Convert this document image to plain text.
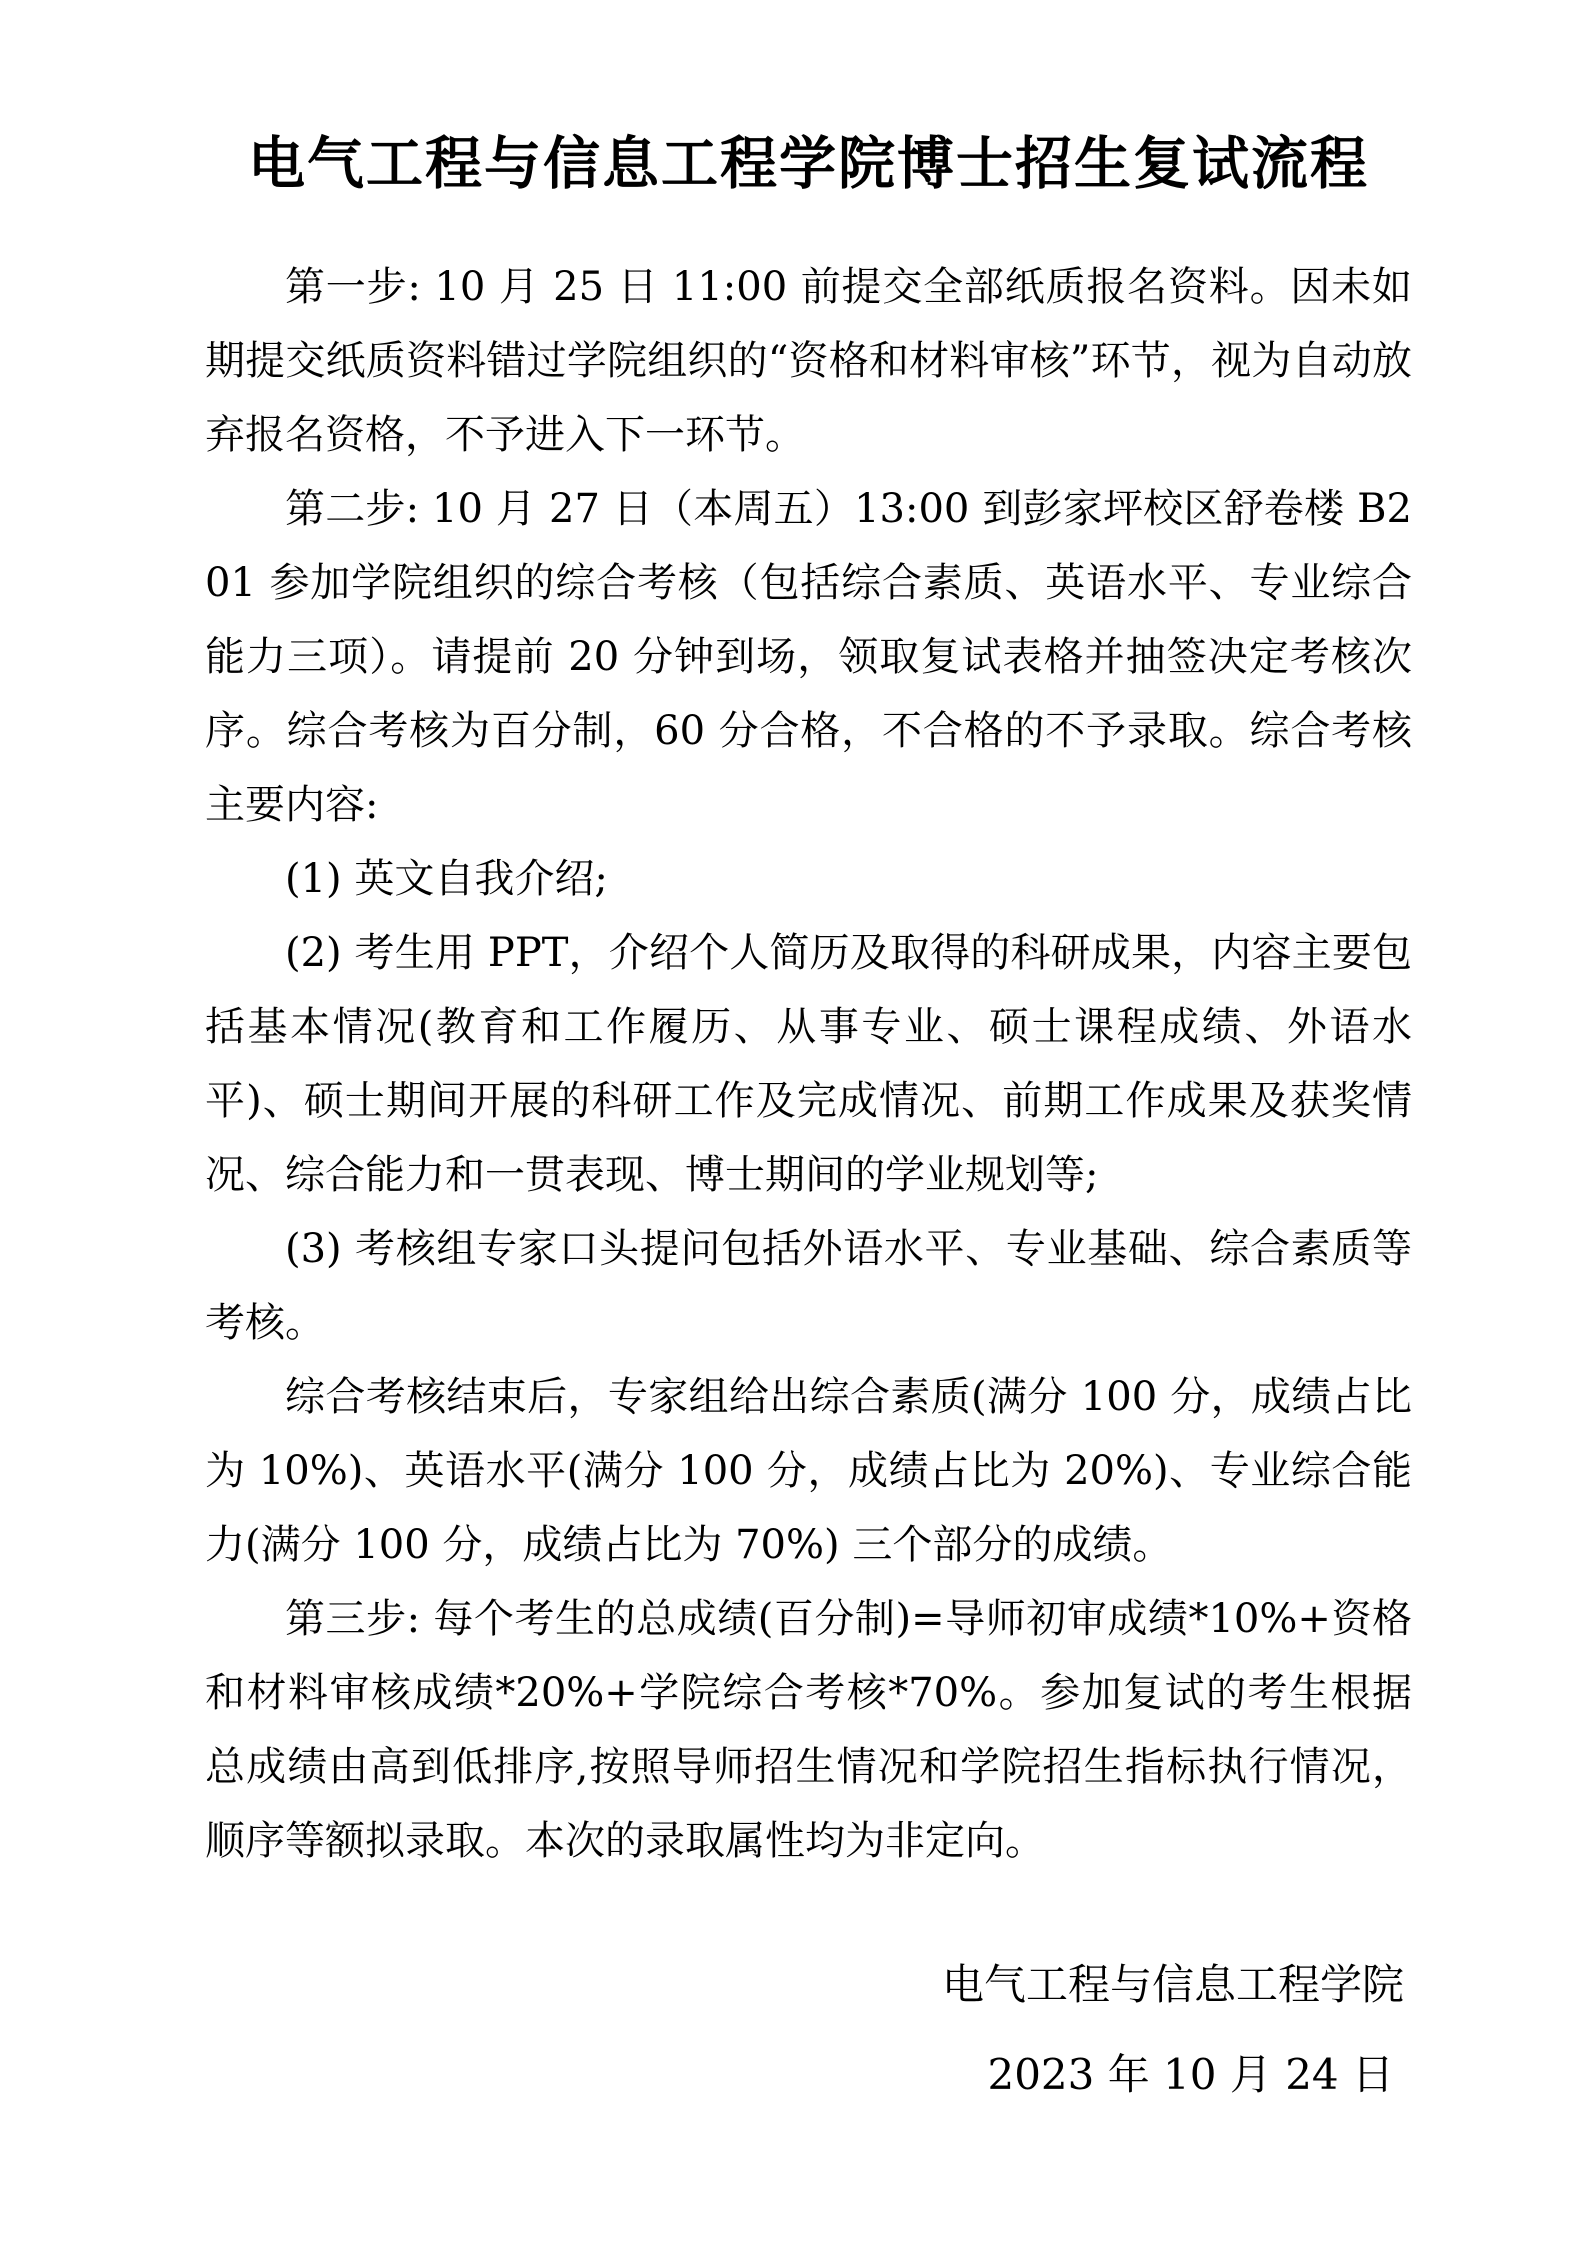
电气工程与信息工程学院博士招生复试流程

第一步: 10 月 25 日 11:00 前提交全部纸质报名资料。因未如期提交纸质资料错过学院组织的“资格和材料审核”环节，视为自动放弃报名资格，不予进入下一环节。

第二步: 10 月 27 日（本周五）13:00 到彭家坪校区舒卷楼 B201 参加学院组织的综合考核（包括综合素质、英语水平、专业综合能力三项）。请提前 20 分钟到场，领取复试表格并抽签决定考核次序。综合考核为百分制，60 分合格，不合格的不予录取。综合考核主要内容:

(1) 英文自我介绍;

(2) 考生用 PPT，介绍个人简历及取得的科研成果，内容主要包括基本情况(教育和工作履历、从事专业、硕士课程成绩、外语水平)、硕士期间开展的科研工作及完成情况、前期工作成果及获奖情况、综合能力和一贯表现、博士期间的学业规划等;

(3) 考核组专家口头提问包括外语水平、专业基础、综合素质等考核。

综合考核结束后，专家组给出综合素质(满分 100 分，成绩占比为 10%)、英语水平(满分 100 分，成绩占比为 20%)、专业综合能力(满分 100 分，成绩占比为 70%) 三个部分的成绩。

第三步: 每个考生的总成绩(百分制)=导师初审成绩*10%+资格和材料审核成绩*20%+学院综合考核*70%。参加复试的考生根据总成绩由高到低排序,按照导师招生情况和学院招生指标执行情况，顺序等额拟录取。本次的录取属性均为非定向。

电气工程与信息工程学院

2023 年 10 月 24 日
